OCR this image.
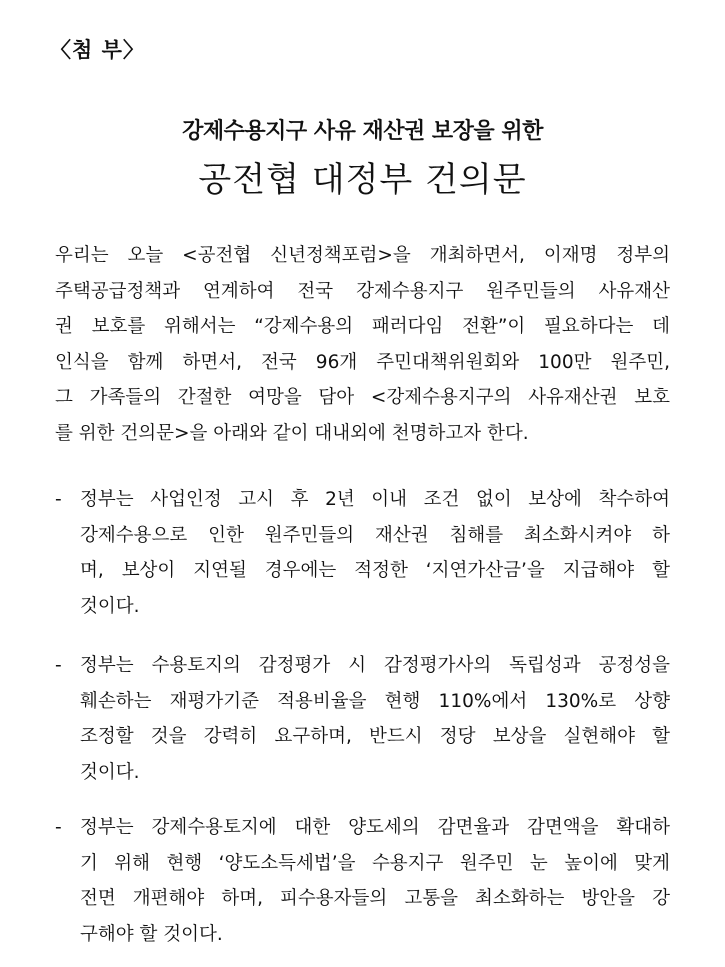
〈첨 부〉
강제수용지구 사유 재산권 보장을 위한
공전협 대정부 건의문
우리는 오늘 <공전협 신년정책포럼>을 개최하면서, 이재명 정부의
주택공급정책과 연계하여 전국 강제수용지구 원주민들의 사유재산
권 보호를 위해서는 “강제수용의 패러다임 전환”이 필요하다는 데
인식을 함께 하면서, 전국 96개 주민대책위원회와 100만 원주민,
그 가족들의 간절한 여망을 담아 <강제수용지구의 사유재산권 보호
를 위한 건의문>을 아래와 같이 대내외에 천명하고자 한다.
- 정부는 사업인정 고시 후 2년 이내 조건 없이 보상에 착수하여
강제수용으로 인한 원주민들의 재산권 침해를 최소화시켜야 하
며, 보상이 지연될 경우에는 적정한 ‘지연가산금’을 지급해야 할
것이다.
- 정부는 수용토지의 감정평가 시 감정평가사의 독립성과 공정성을
훼손하는 재평가기준 적용비율을 현행 110%에서 130%로 상향
조정할 것을 강력히 요구하며, 반드시 정당 보상을 실현해야 할
것이다.
- 정부는 강제수용토지에 대한 양도세의 감면율과 감면액을 확대하
기 위해 현행 ‘양도소득세법’을 수용지구 원주민 눈 높이에 맞게
전면 개편해야 하며, 피수용자들의 고통을 최소화하는 방안을 강
구해야 할 것이다.
